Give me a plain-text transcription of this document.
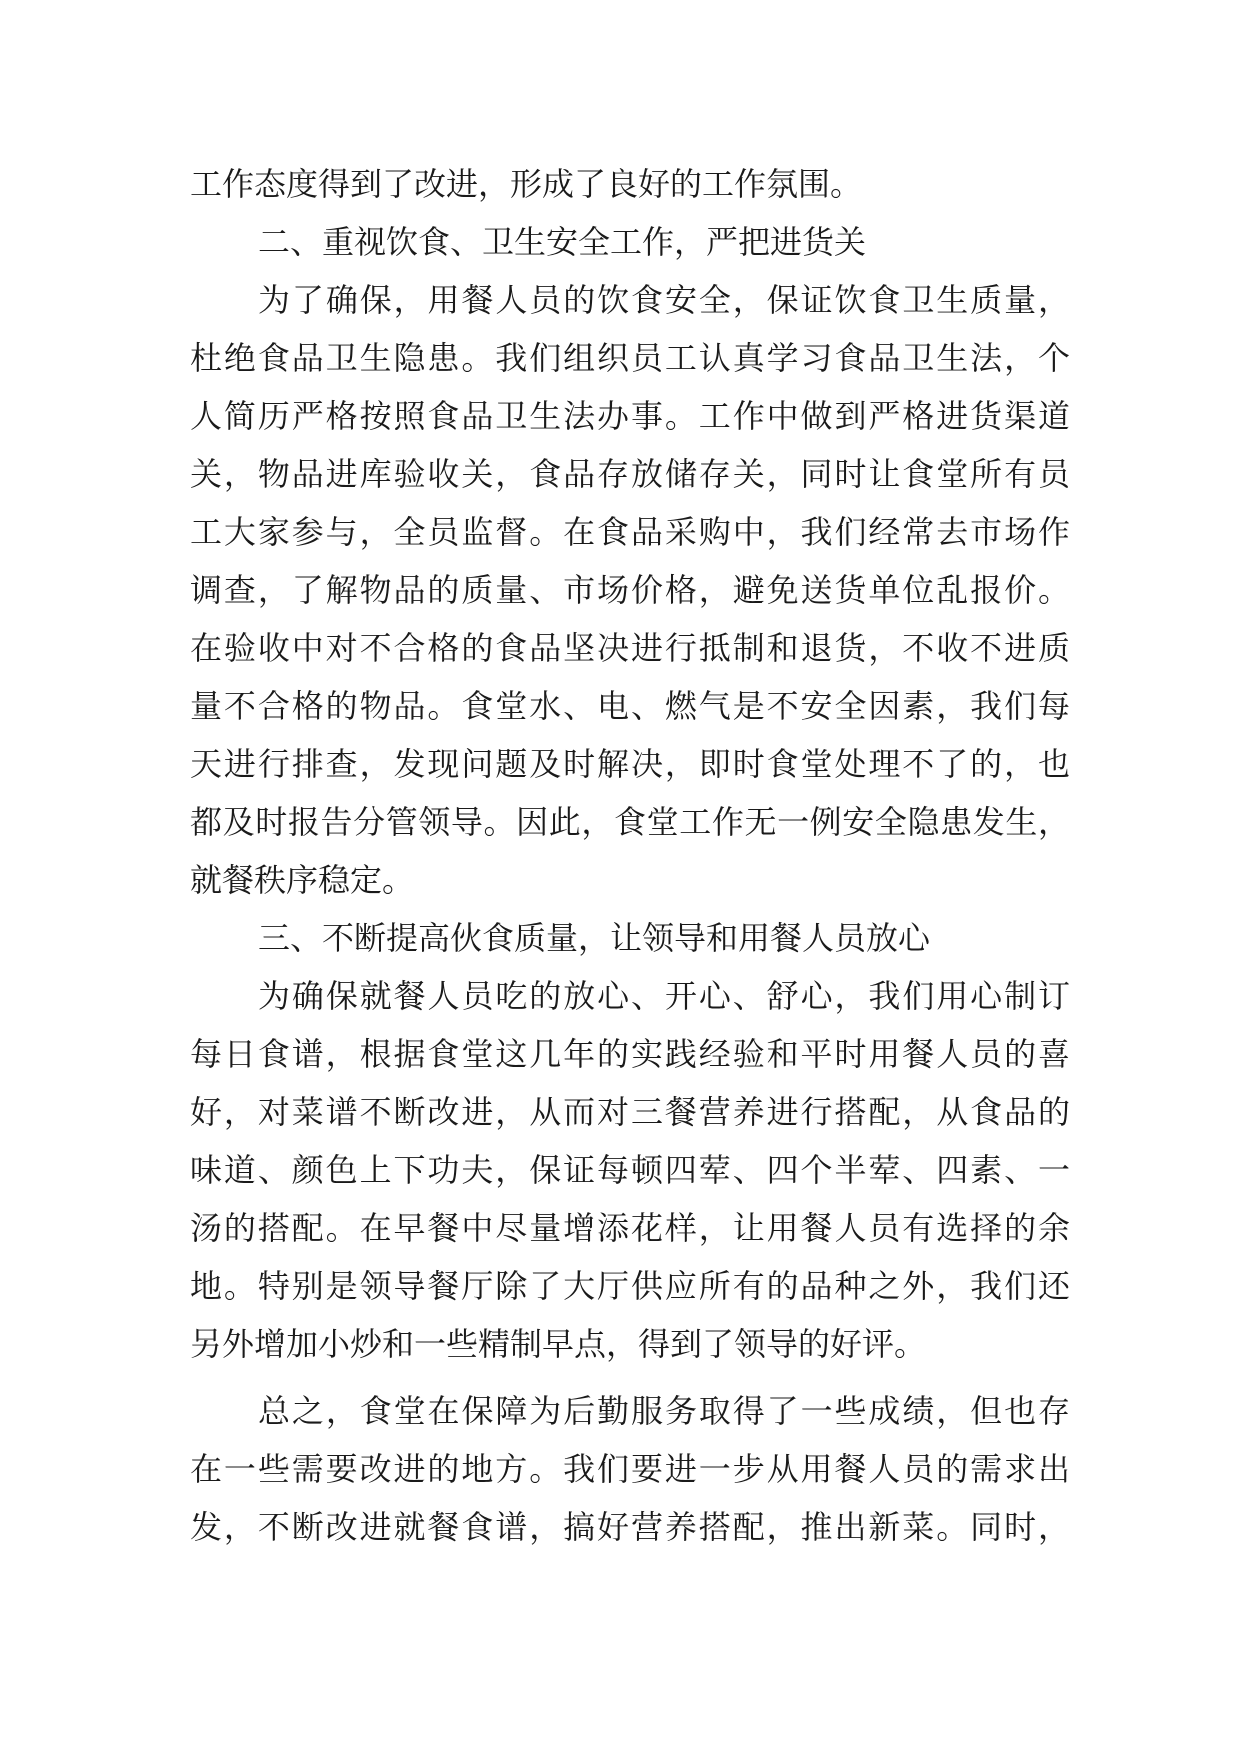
工作态度得到了改进，形成了良好的工作氛围。

二、重视饮食、卫生安全工作，严把进货关

为了确保，用餐人员的饮食安全，保证饮食卫生质量，

杜绝食品卫生隐患。我们组织员工认真学习食品卫生法，个

人简历严格按照食品卫生法办事。工作中做到严格进货渠道

关，物品进库验收关，食品存放储存关，同时让食堂所有员

工大家参与，全员监督。在食品采购中，我们经常去市场作

调查，了解物品的质量、市场价格，避免送货单位乱报价。

在验收中对不合格的食品坚决进行抵制和退货，不收不进质

量不合格的物品。食堂水、电、燃气是不安全因素，我们每

天进行排查，发现问题及时解决，即时食堂处理不了的，也

都及时报告分管领导。因此，食堂工作无一例安全隐患发生，

就餐秩序稳定。

三、不断提高伙食质量，让领导和用餐人员放心

为确保就餐人员吃的放心、开心、舒心，我们用心制订

每日食谱，根据食堂这几年的实践经验和平时用餐人员的喜

好，对菜谱不断改进，从而对三餐营养进行搭配，从食品的

味道、颜色上下功夫，保证每顿四荤、四个半荤、四素、一

汤的搭配。在早餐中尽量增添花样，让用餐人员有选择的余

地。特别是领导餐厅除了大厅供应所有的品种之外，我们还

另外增加小炒和一些精制早点，得到了领导的好评。

总之，食堂在保障为后勤服务取得了一些成绩，但也存

在一些需要改进的地方。我们要进一步从用餐人员的需求出

发，不断改进就餐食谱，搞好营养搭配，推出新菜。同时，
